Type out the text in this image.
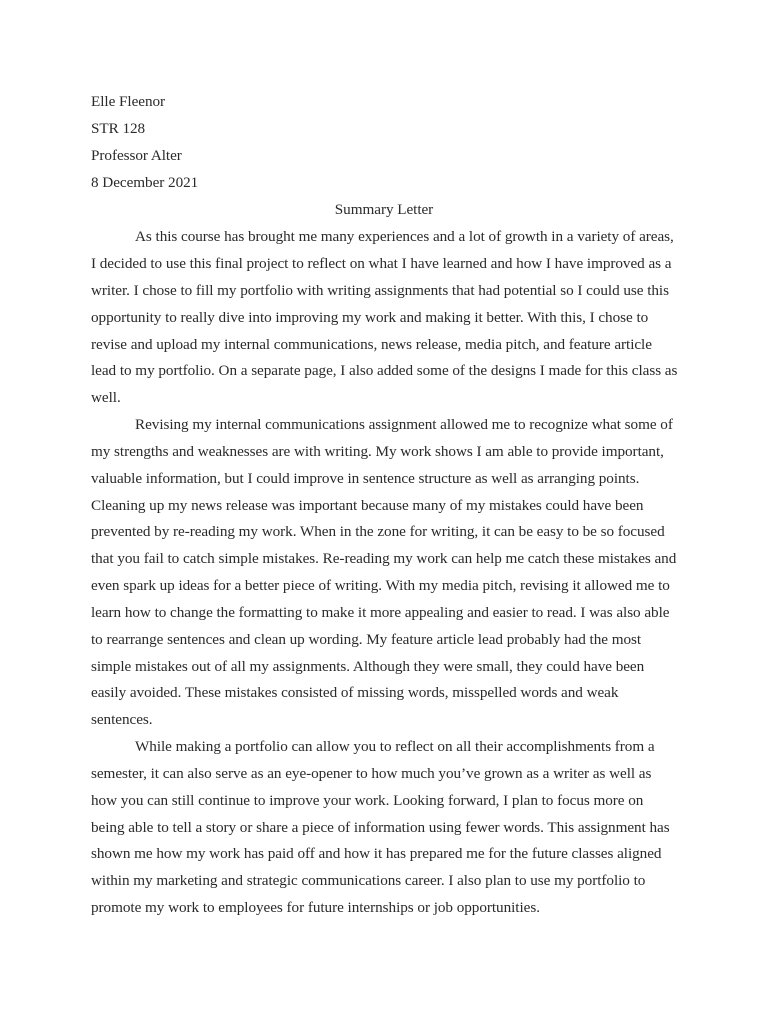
Elle Fleenor
STR 128
Professor Alter
8 December 2021
Summary Letter
As this course has brought me many experiences and a lot of growth in a variety of areas,
I decided to use this final project to reflect on what I have learned and how I have improved as a
writer. I chose to fill my portfolio with writing assignments that had potential so I could use this
opportunity to really dive into improving my work and making it better. With this, I chose to
revise and upload my internal communications, news release, media pitch, and feature article
lead to my portfolio. On a separate page, I also added some of the designs I made for this class as
well.
Revising my internal communications assignment allowed me to recognize what some of
my strengths and weaknesses are with writing. My work shows I am able to provide important,
valuable information, but I could improve in sentence structure as well as arranging points.
Cleaning up my news release was important because many of my mistakes could have been
prevented by re-reading my work. When in the zone for writing, it can be easy to be so focused
that you fail to catch simple mistakes. Re-reading my work can help me catch these mistakes and
even spark up ideas for a better piece of writing. With my media pitch, revising it allowed me to
learn how to change the formatting to make it more appealing and easier to read. I was also able
to rearrange sentences and clean up wording. My feature article lead probably had the most
simple mistakes out of all my assignments. Although they were small, they could have been
easily avoided. These mistakes consisted of missing words, misspelled words and weak
sentences.
While making a portfolio can allow you to reflect on all their accomplishments from a
semester, it can also serve as an eye-opener to how much you’ve grown as a writer as well as
how you can still continue to improve your work. Looking forward, I plan to focus more on
being able to tell a story or share a piece of information using fewer words. This assignment has
shown me how my work has paid off and how it has prepared me for the future classes aligned
within my marketing and strategic communications career. I also plan to use my portfolio to
promote my work to employees for future internships or job opportunities.
